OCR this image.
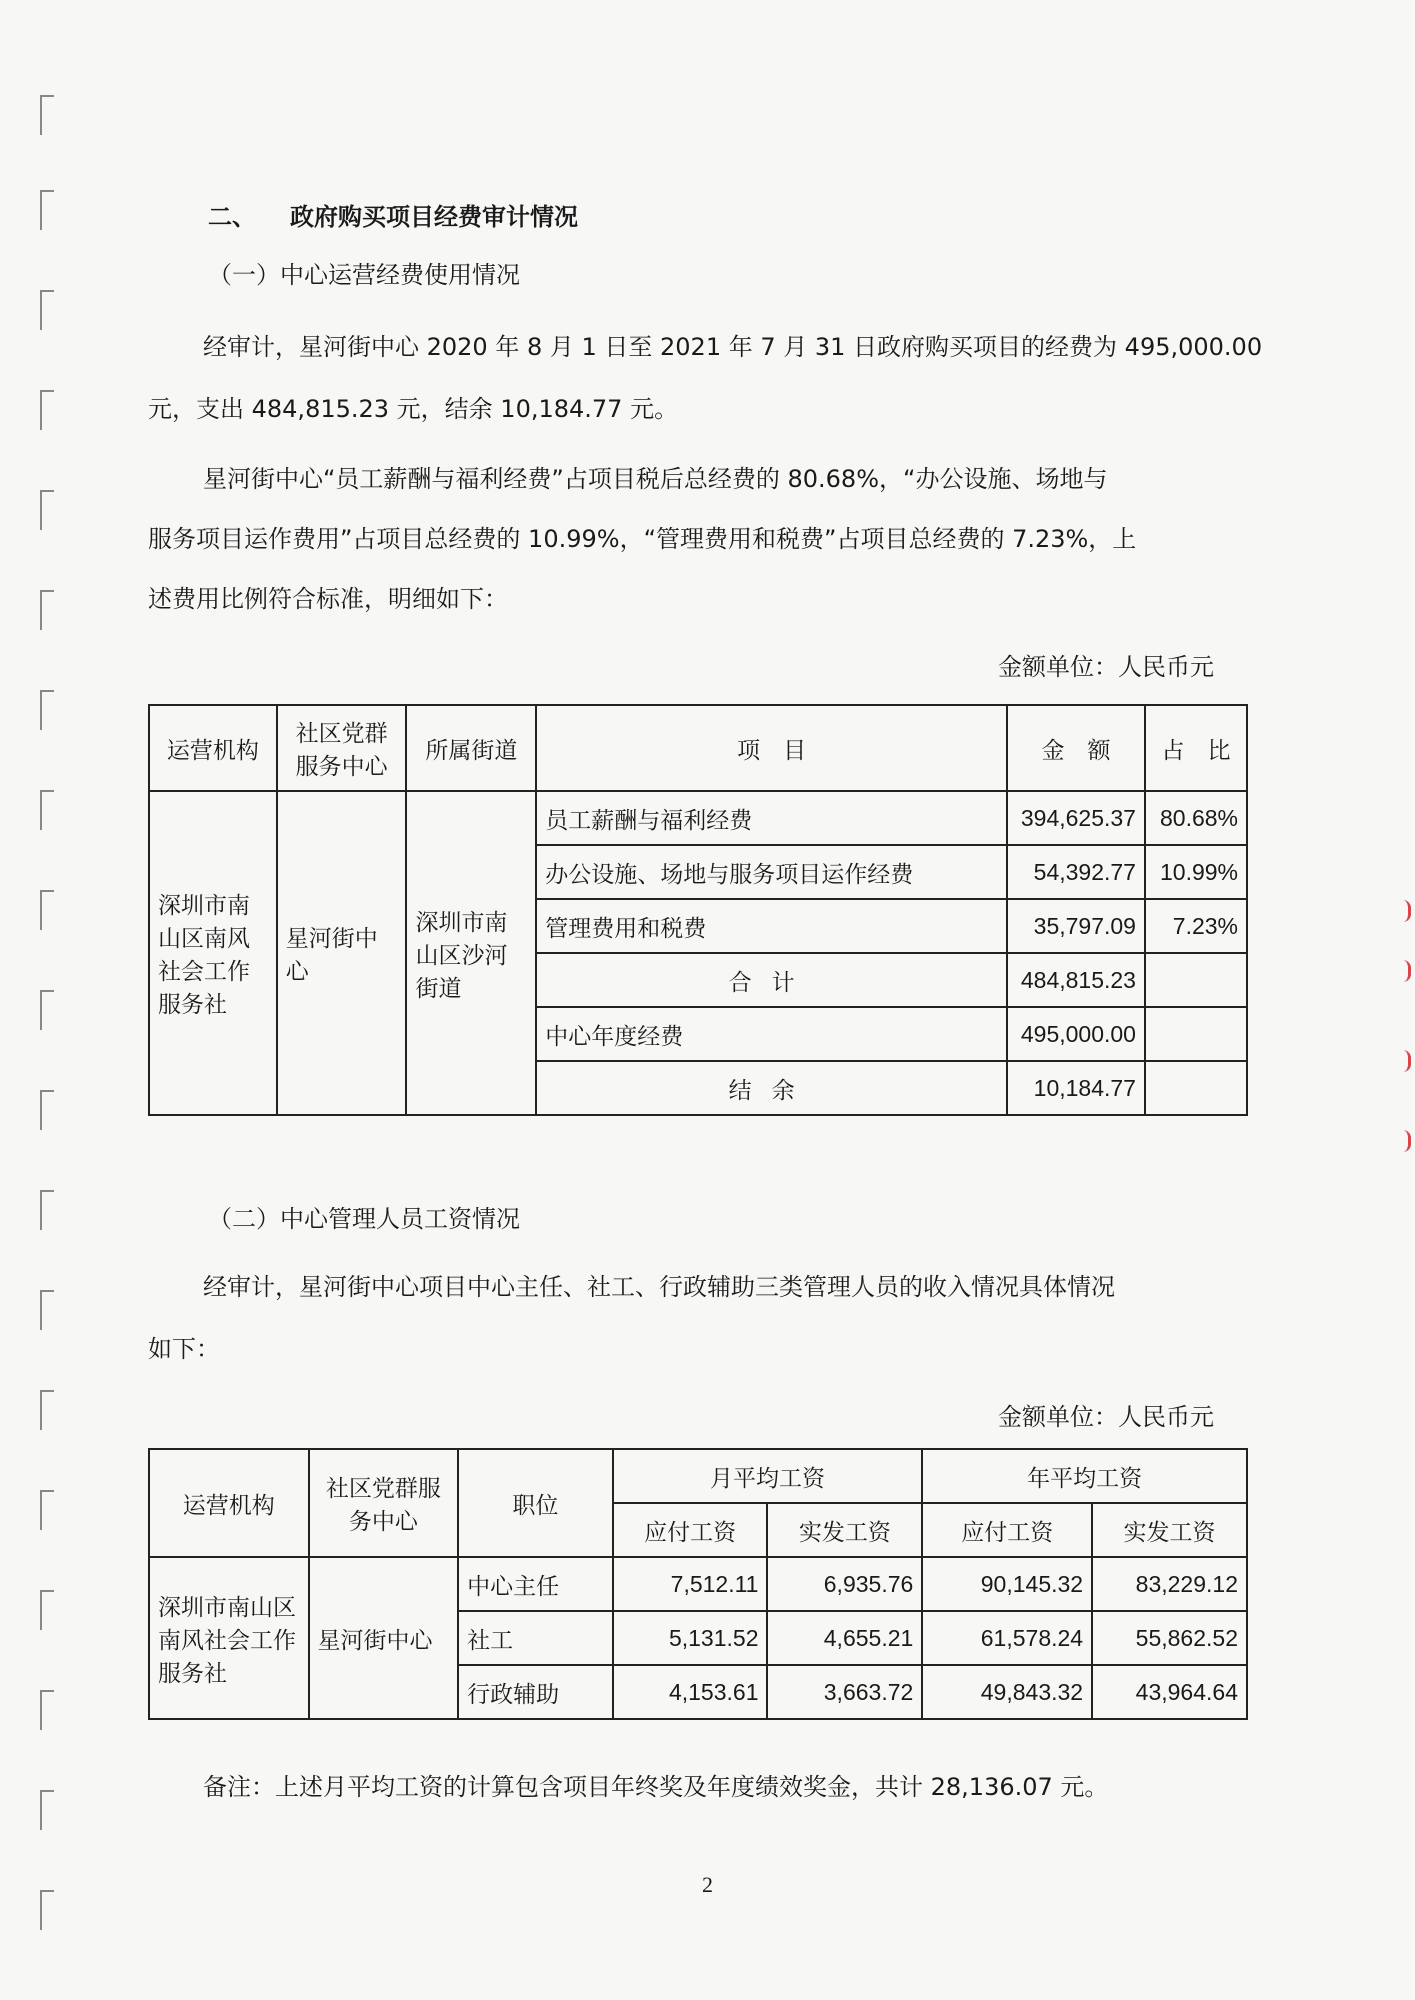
二、 政府购买项目经费审计情况
（一）中心运营经费使用情况
经审计，星河街中心 2020 年 8 月 1 日至 2021 年 7 月 31 日政府购买项目的经费为 495,000.00
元，支出 484,815.23 元，结余 10,184.77 元。
星河街中心“员工薪酬与福利经费”占项目税后总经费的 80.68%，“办公设施、场地与
服务项目运作费用”占项目总经费的 10.99%，“管理费用和税费”占项目总经费的 7.23%，上
述费用比例符合标准，明细如下：
金额单位：人民币元
运营机构	社区党群服务中心	所属街道	项　目	金　额	占　比
深圳市南山区南风社会工作服务社	星河街中心	深圳市南山区沙河街道	员工薪酬与福利经费	394,625.37	80.68%
			办公设施、场地与服务项目运作经费	54,392.77	10.99%
			管理费用和税费	35,797.09	7.23%
			合计	484,815.23	
			中心年度经费	495,000.00	
			结余	10,184.77	
（二）中心管理人员工资情况
经审计，星河街中心项目中心主任、社工、行政辅助三类管理人员的收入情况具体情况
如下：
金额单位：人民币元
运营机构	社区党群服务中心	职位	月平均工资		年平均工资	
			应付工资	实发工资	应付工资	实发工资
深圳市南山区南风社会工作服务社	星河街中心	中心主任	7,512.11	6,935.76	90,145.32	83,229.12
		社工	5,131.52	4,655.21	61,578.24	55,862.52
		行政辅助	4,153.61	3,663.72	49,843.32	43,964.64
备注：上述月平均工资的计算包含项目年终奖及年度绩效奖金，共计 28,136.07 元。
2
